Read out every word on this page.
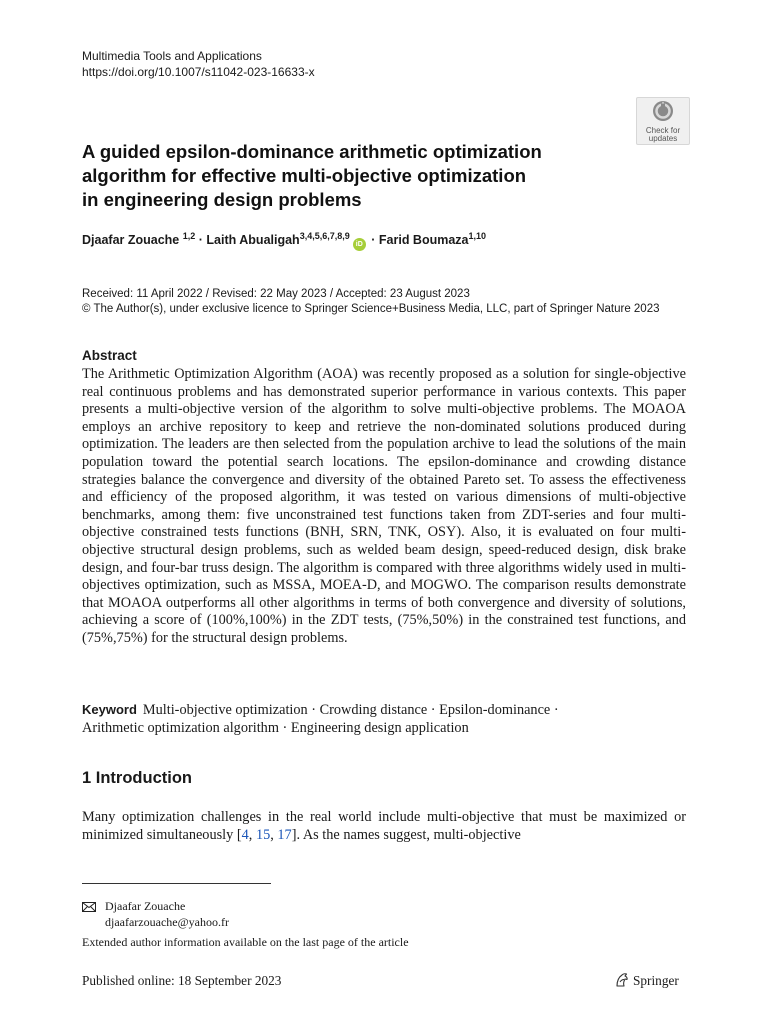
Multimedia Tools and Applications
https://doi.org/10.1007/s11042-023-16633-x
Check for
updates
A guided epsilon-dominance arithmetic optimization
algorithm for effective multi-objective optimization
in engineering design problems
Djaafar Zouache $^{1,2}$ · Laith Abualigah$^{3,4,5,6,7,8,9}$iD · Farid Boumaza$^{1,10}$
Received: 11 April 2022 / Revised: 22 May 2023 / Accepted: 23 August 2023
© The Author(s), under exclusive licence to Springer Science+Business Media, LLC, part of Springer Nature 2023
Abstract
The Arithmetic Optimization Algorithm (AOA) was recently proposed as a solution for single-objective real continuous problems and has demonstrated superior performance in various contexts. This paper presents a multi-objective version of the algorithm to solve multi-objective problems. The MOAOA employs an archive repository to keep and retrieve the non-dominated solutions produced during optimization. The leaders are then selected from the population archive to lead the solutions of the main population toward the potential search locations. The epsilon-dominance and crowding distance strategies balance the convergence and diversity of the obtained Pareto set. To assess the effectiveness and efficiency of the proposed algorithm, it was tested on various dimensions of multi-objective benchmarks, among them: five unconstrained test functions taken from ZDT-series and four multi-objective constrained tests functions (BNH, SRN, TNK, OSY). Also, it is evaluated on four multi-objective structural design problems, such as welded beam design, speed-reduced design, disk brake design, and four-bar truss design. The algorithm is compared with three algorithms widely used in multi-objectives optimization, such as MSSA, MOEA-D, and MOGWO. The comparison results demonstrate that MOAOA outperforms all other algorithms in terms of both convergence and diversity of solutions, achieving a score of (100%,100%) in the ZDT tests, (75%,50%) in the constrained test functions, and (75%,75%) for the structural design problems.
Keyword Multi-objective optimization · Crowding distance · Epsilon-dominance ·
Arithmetic optimization algorithm · Engineering design application
1 Introduction
Many optimization challenges in the real world include multi-objective that must be maximized or minimized simultaneously [4, 15, 17]. As the names suggest, multi-objective
Djaafar Zouache
djaafarzouache@yahoo.fr
Extended author information available on the last page of the article
Published online: 18 September 2023	Springer
